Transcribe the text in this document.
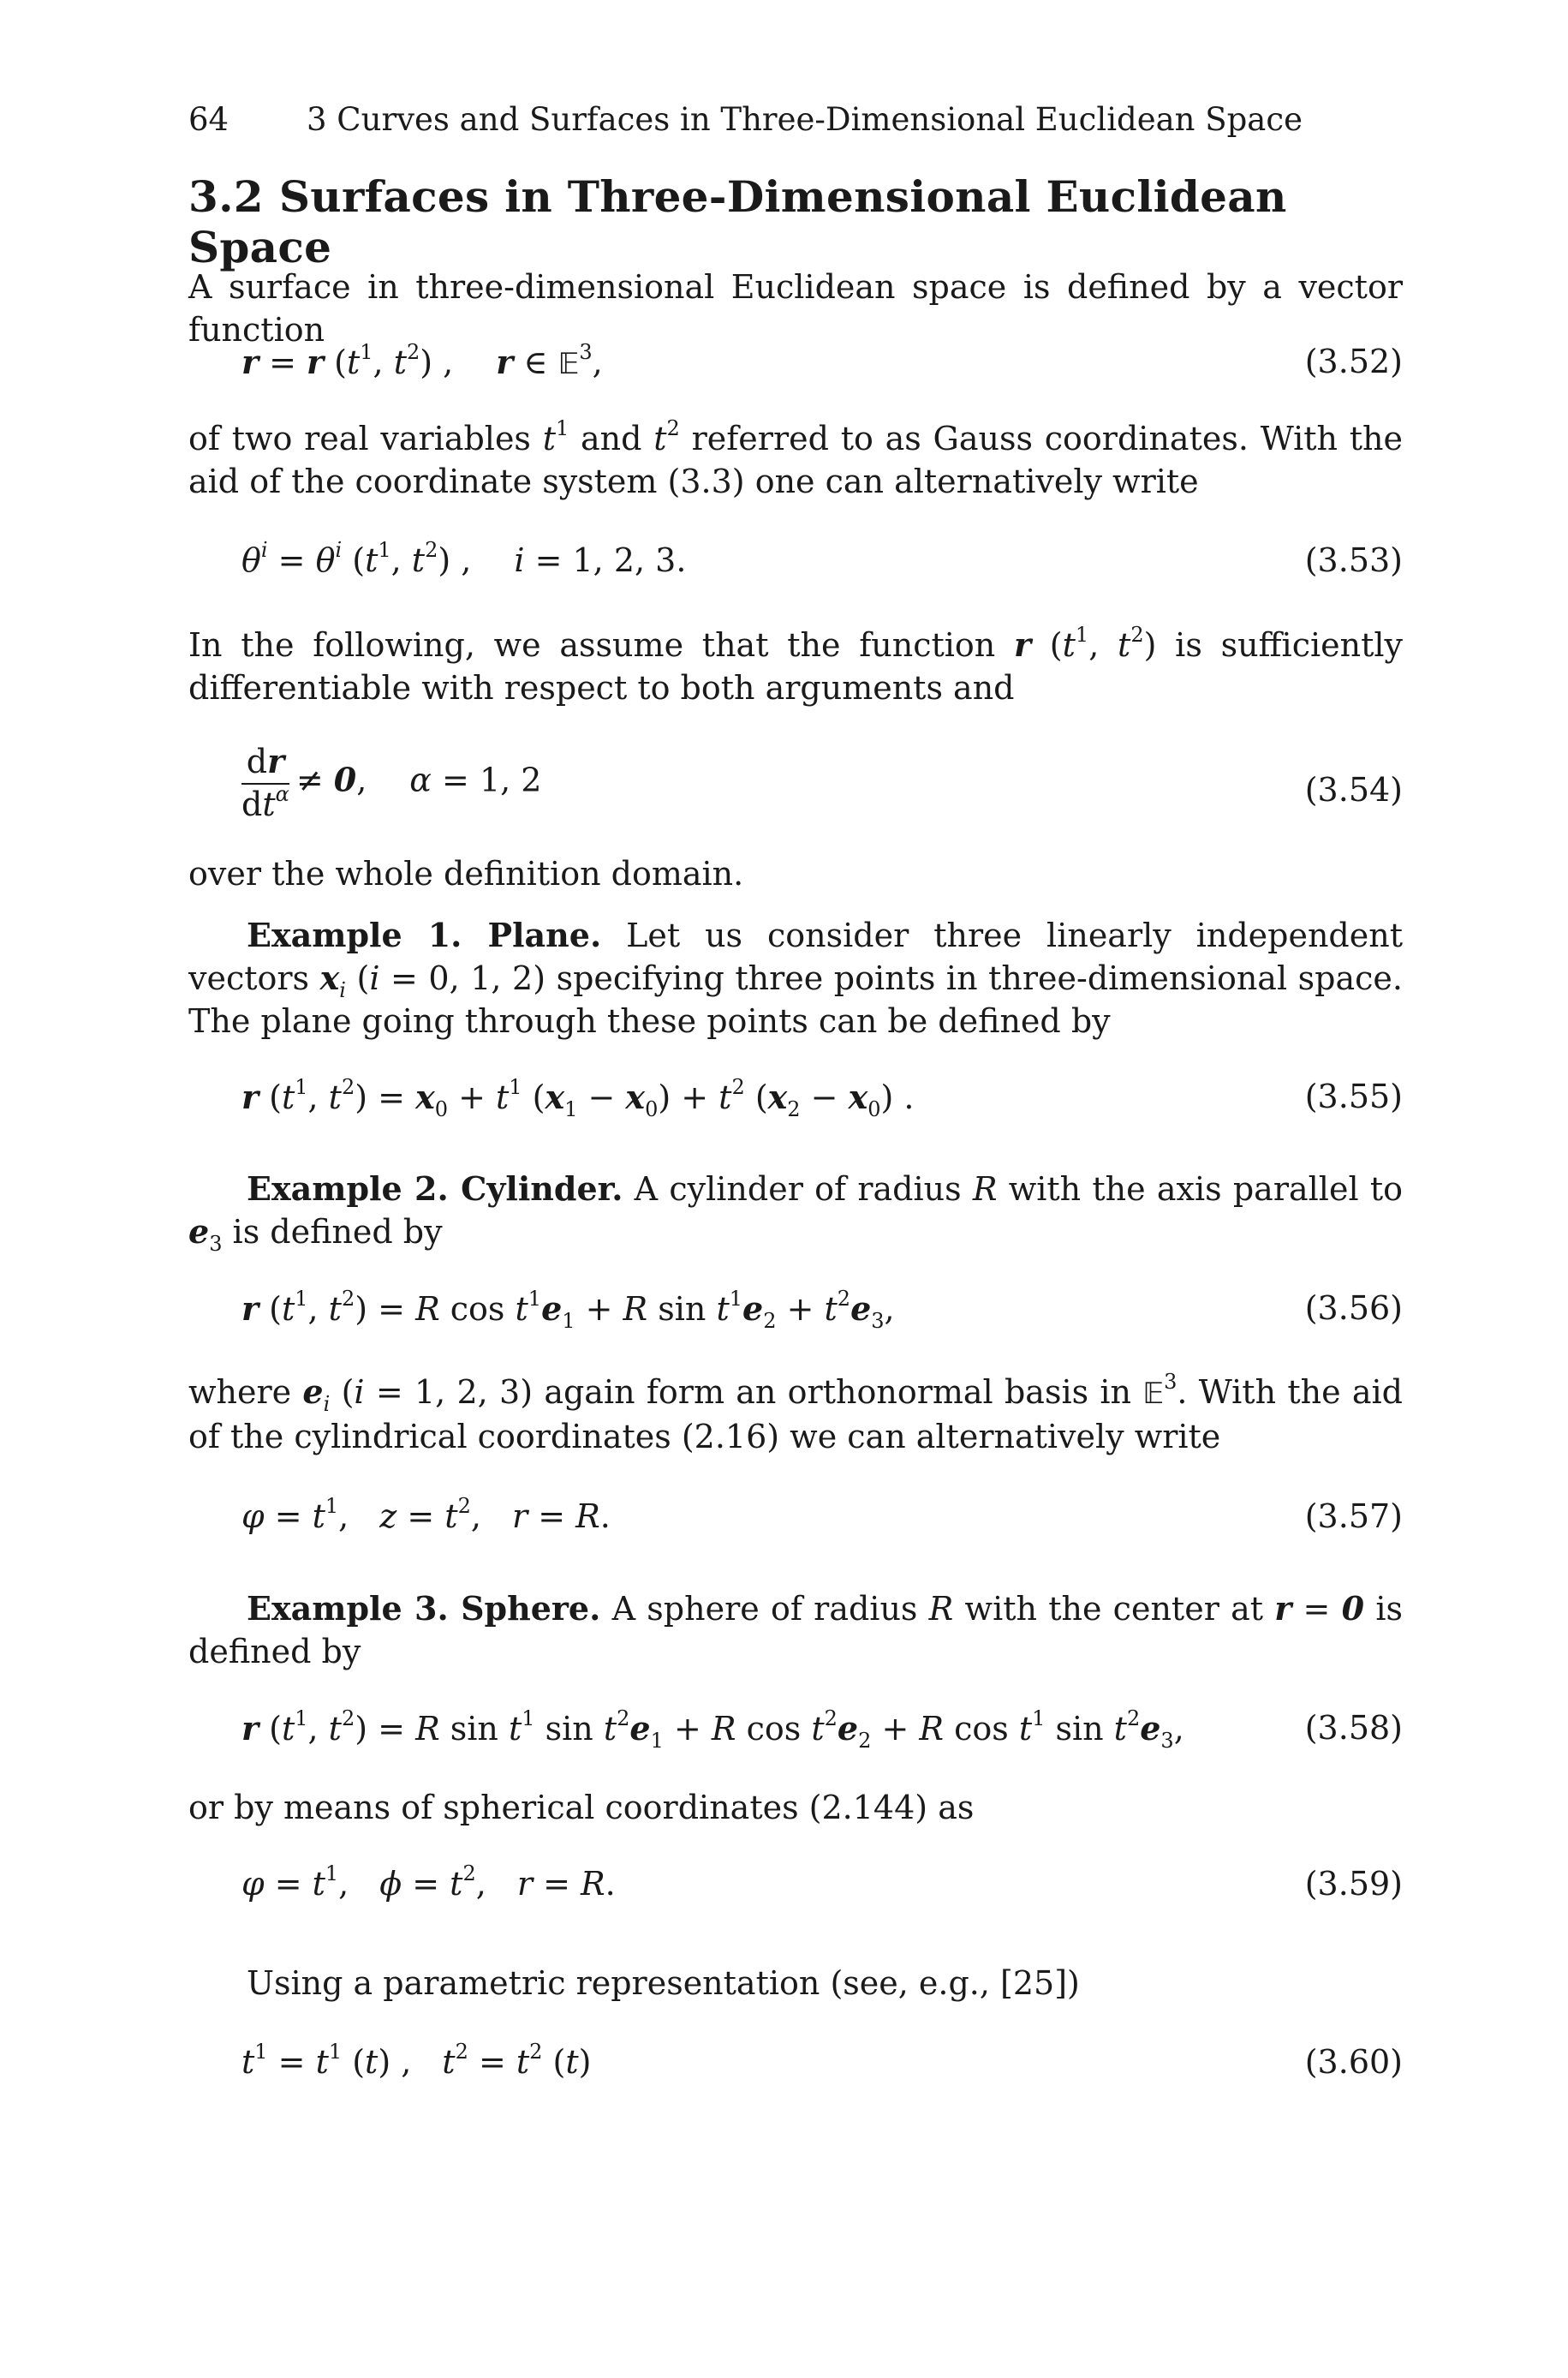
64 3 Curves and Surfaces in Three-Dimensional Euclidean Space
3.2 Surfaces in Three-Dimensional Euclidean Space

A surface in three-dimensional Euclidean space is defined by a vector function

r = r ($t^1$, $t^2$) , r ∈ 𝔼$^3$,	(3.52)

of two real variables $t^1$ and $t^2$ referred to as Gauss coordinates. With the aid of the coordinate system (3.3) one can alternatively write

$\theta^i = \theta^i$ ($t^1$, $t^2$) , i = 1, 2, 3.	(3.53)

In the following, we assume that the function r ($t^1$, $t^2$) is sufficiently differentiable with respect to both arguments and

$\frac{dr}{dt^\alpha} \ne 0$, α = 1, 2	(3.54)

over the whole definition domain.

Example 1. Plane. Let us consider three linearly independent vectors $x_i$ (i = 0, 1, 2) specifying three points in three-dimensional space. The plane going through these points can be defined by

r ($t^1$, $t^2) = x_0 + t^1$ $(x_1 - x_0) + t^2$ $(x_2 - x_0)$ .	(3.55)

Example 2. Cylinder. A cylinder of radius R with the axis parallel to $e_3$ is defined by

r ($t^1$, $t^2) = R$ $\cos t^1e_1 + R$ $\sin t^1e_2 + t^2e_3$,	(3.56)

where $e_i$ (i = 1, 2, 3) again form an orthonormal basis in 𝔼$^3$. With the aid of the cylindrical coordinates (2.16) we can alternatively write

$\varphi = t^1$, $z = t^2$, r = R.	(3.57)

Example 3. Sphere. A sphere of radius R with the center at r = 0 is defined by

r ($t^1$, $t^2) = R$ $\sin t^1$ $\sin t^2e_1 + R$ $\cos t^2e_2 + R$ $\cos t^1$ $\sin t^2e_3$,	(3.58)

or by means of spherical coordinates (2.144) as

$\varphi = t^1$, $\phi = t^2$, r = R.	(3.59)

Using a parametric representation (see, e.g., [25])

$t^1 = t^1$ (t) , $t^2 = t^2$ (t)	(3.60)
